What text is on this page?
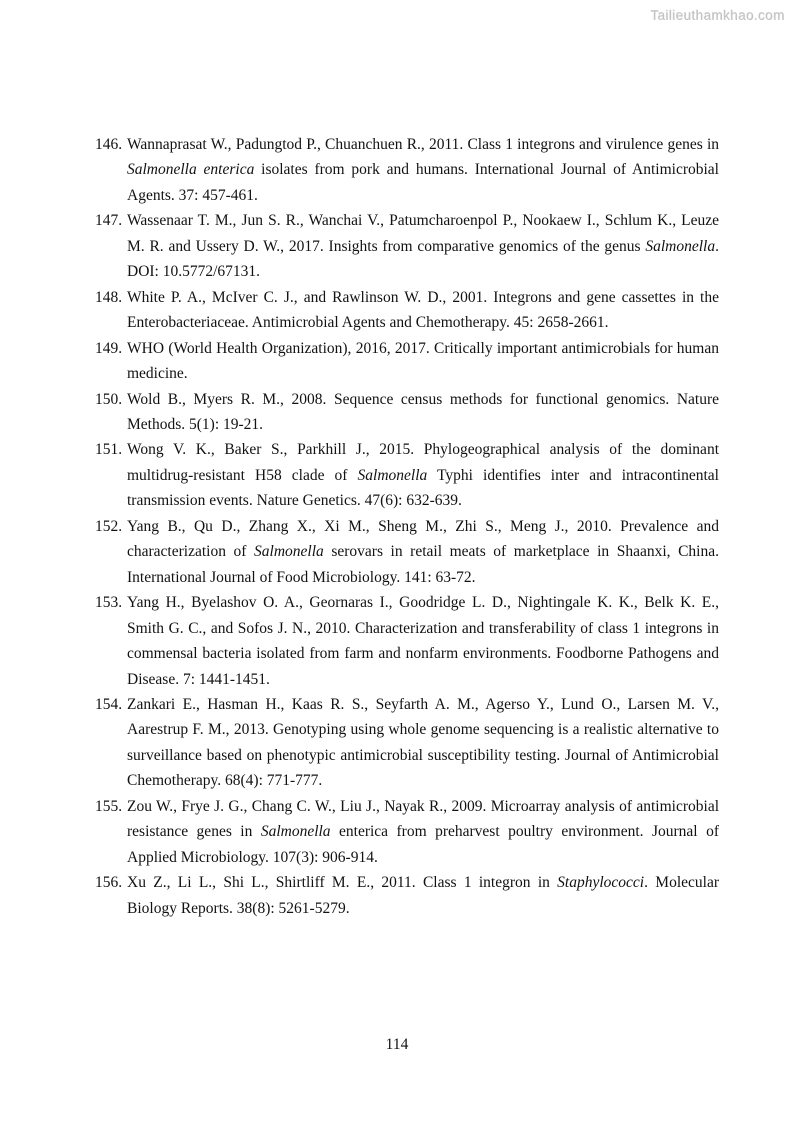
Tailieuthamkhao.com
146. Wannaprasat W., Padungtod P., Chuanchuen R., 2011. Class 1 integrons and virulence genes in Salmonella enterica isolates from pork and humans. International Journal of Antimicrobial Agents. 37: 457-461.
147. Wassenaar T. M., Jun S. R., Wanchai V., Patumcharoenpol P., Nookaew I., Schlum K., Leuze M. R. and Ussery D. W., 2017. Insights from comparative genomics of the genus Salmonella. DOI: 10.5772/67131.
148. White P. A., McIver C. J., and Rawlinson W. D., 2001. Integrons and gene cassettes in the Enterobacteriaceae. Antimicrobial Agents and Chemotherapy. 45: 2658-2661.
149. WHO (World Health Organization), 2016, 2017. Critically important antimicrobials for human medicine.
150. Wold B., Myers R. M., 2008. Sequence census methods for functional genomics. Nature Methods. 5(1): 19-21.
151. Wong V. K., Baker S., Parkhill J., 2015. Phylogeographical analysis of the dominant multidrug-resistant H58 clade of Salmonella Typhi identifies inter and intracontinental transmission events. Nature Genetics. 47(6): 632-639.
152. Yang B., Qu D., Zhang X., Xi M., Sheng M., Zhi S., Meng J., 2010. Prevalence and characterization of Salmonella serovars in retail meats of marketplace in Shaanxi, China. International Journal of Food Microbiology. 141: 63-72.
153. Yang H., Byelashov O. A., Geornaras I., Goodridge L. D., Nightingale K. K., Belk K. E., Smith G. C., and Sofos J. N., 2010. Characterization and transferability of class 1 integrons in commensal bacteria isolated from farm and nonfarm environments. Foodborne Pathogens and Disease. 7: 1441-1451.
154. Zankari E., Hasman H., Kaas R. S., Seyfarth A. M., Agerso Y., Lund O., Larsen M. V., Aarestrup F. M., 2013. Genotyping using whole genome sequencing is a realistic alternative to surveillance based on phenotypic antimicrobial susceptibility testing. Journal of Antimicrobial Chemotherapy. 68(4): 771-777.
155. Zou W., Frye J. G., Chang C. W., Liu J., Nayak R., 2009. Microarray analysis of antimicrobial resistance genes in Salmonella enterica from preharvest poultry environment. Journal of Applied Microbiology. 107(3): 906-914.
156. Xu Z., Li L., Shi L., Shirtliff M. E., 2011. Class 1 integron in Staphylococci. Molecular Biology Reports. 38(8): 5261-5279.
114
